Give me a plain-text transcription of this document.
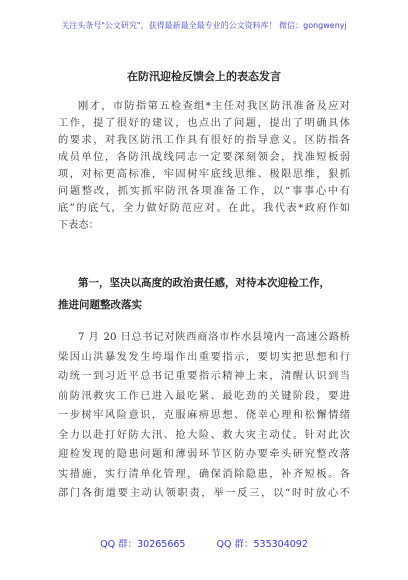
关注头条号"公文研究"，获得最新最全最专业的公文资料库！ 微信：gongwenyj
在防汛迎检反馈会上的表态发言
刚才，市防指第五检查组*主任对我区防汛准备及应对
工作，提了很好的建议，也点出了问题，提出了明确具体
的要求，对我区防汛工作具有很好的指导意义。区防指各
成员单位，各防汛战线同志一定要深刻领会，找准短板弱
项，对标更高标准，牢固树牢底线思维、极限思维，狠抓
问题整改，抓实抓牢防汛各项准备工作，以“事事心中有
底”的底气，全力做好防范应对。在此，我代表*政府作如
下表态：
第一，坚决以高度的政治责任感，对待本次迎检工作，
推进问题整改落实
7 月 20 日总书记对陕西商洛市柞水县境内一高速公路桥
梁因山洪暴发发生垮塌作出重要指示，要切实把思想和行
动统一到习近平总书记重要指示精神上来，清醒认识到当
前防汛救灾工作已进入最吃紧、最吃劲的关键阶段，要进
一步树牢风险意识，克服麻痹思想、侥幸心理和松懈情绪
全力以赴打好防大汛、抢大险、救大灾主动仗。针对此次
迎检发现的隐患问题和薄弱环节区防办要牵头研究整改落
实措施，实行清单化管理，确保消除隐患，补齐短板。各
部门各街道要主动认领职责，举一反三，以“时时放心不
QQ 群：30265665	QQ 群：535304092
